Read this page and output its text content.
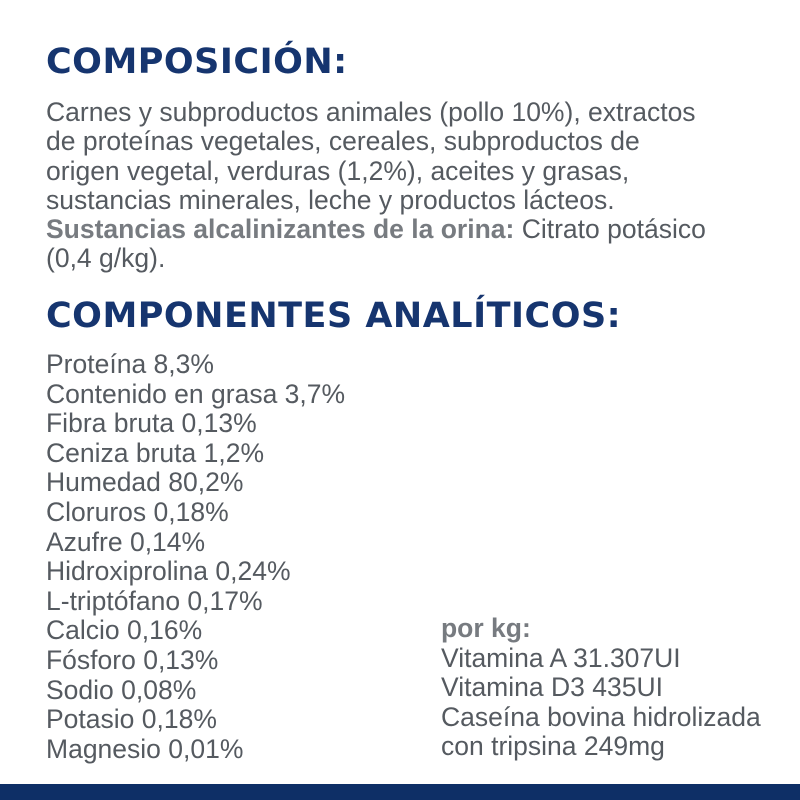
COMPOSICIÓN:
Carnes y subproductos animales (pollo 10%), extractos
de proteínas vegetales, cereales, subproductos de
origen vegetal, verduras (1,2%), aceites y grasas,
sustancias minerales, leche y productos lácteos.
Sustancias alcalinizantes de la orina: Citrato potásico
(0,4 g/kg).
COMPONENTES ANALÍTICOS:
Proteína 8,3%
Contenido en grasa 3,7%
Fibra bruta 0,13%
Ceniza bruta 1,2%
Humedad 80,2%
Cloruros 0,18%
Azufre 0,14%
Hidroxiprolina 0,24%
L-triptófano 0,17%
Calcio 0,16%
Fósforo 0,13%
Sodio 0,08%
Potasio 0,18%
Magnesio 0,01%
por kg:
Vitamina A 31.307UI
Vitamina D3 435UI
Caseína bovina hidrolizada
con tripsina 249mg
